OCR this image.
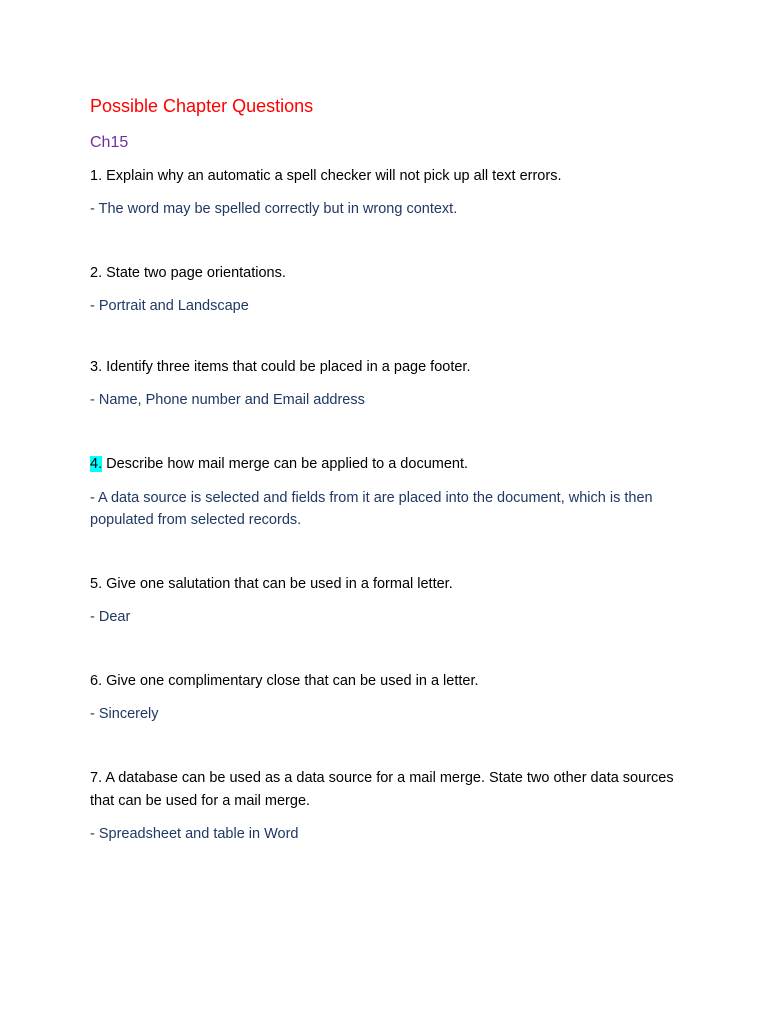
Possible Chapter Questions
Ch15
1. Explain why an automatic a spell checker will not pick up all text errors.
- The word may be spelled correctly but in wrong context.
2. State two page orientations.
- Portrait and Landscape
3. Identify three items that could be placed in a page footer.
- Name, Phone number and Email address
4. Describe how mail merge can be applied to a document.
- A data source is selected and fields from it are placed into the document, which is then populated from selected records.
5. Give one salutation that can be used in a formal letter.
- Dear
6. Give one complimentary close that can be used in a letter.
- Sincerely
7. A database can be used as a data source for a mail merge. State two other data sources that can be used for a mail merge.
- Spreadsheet and table in Word
